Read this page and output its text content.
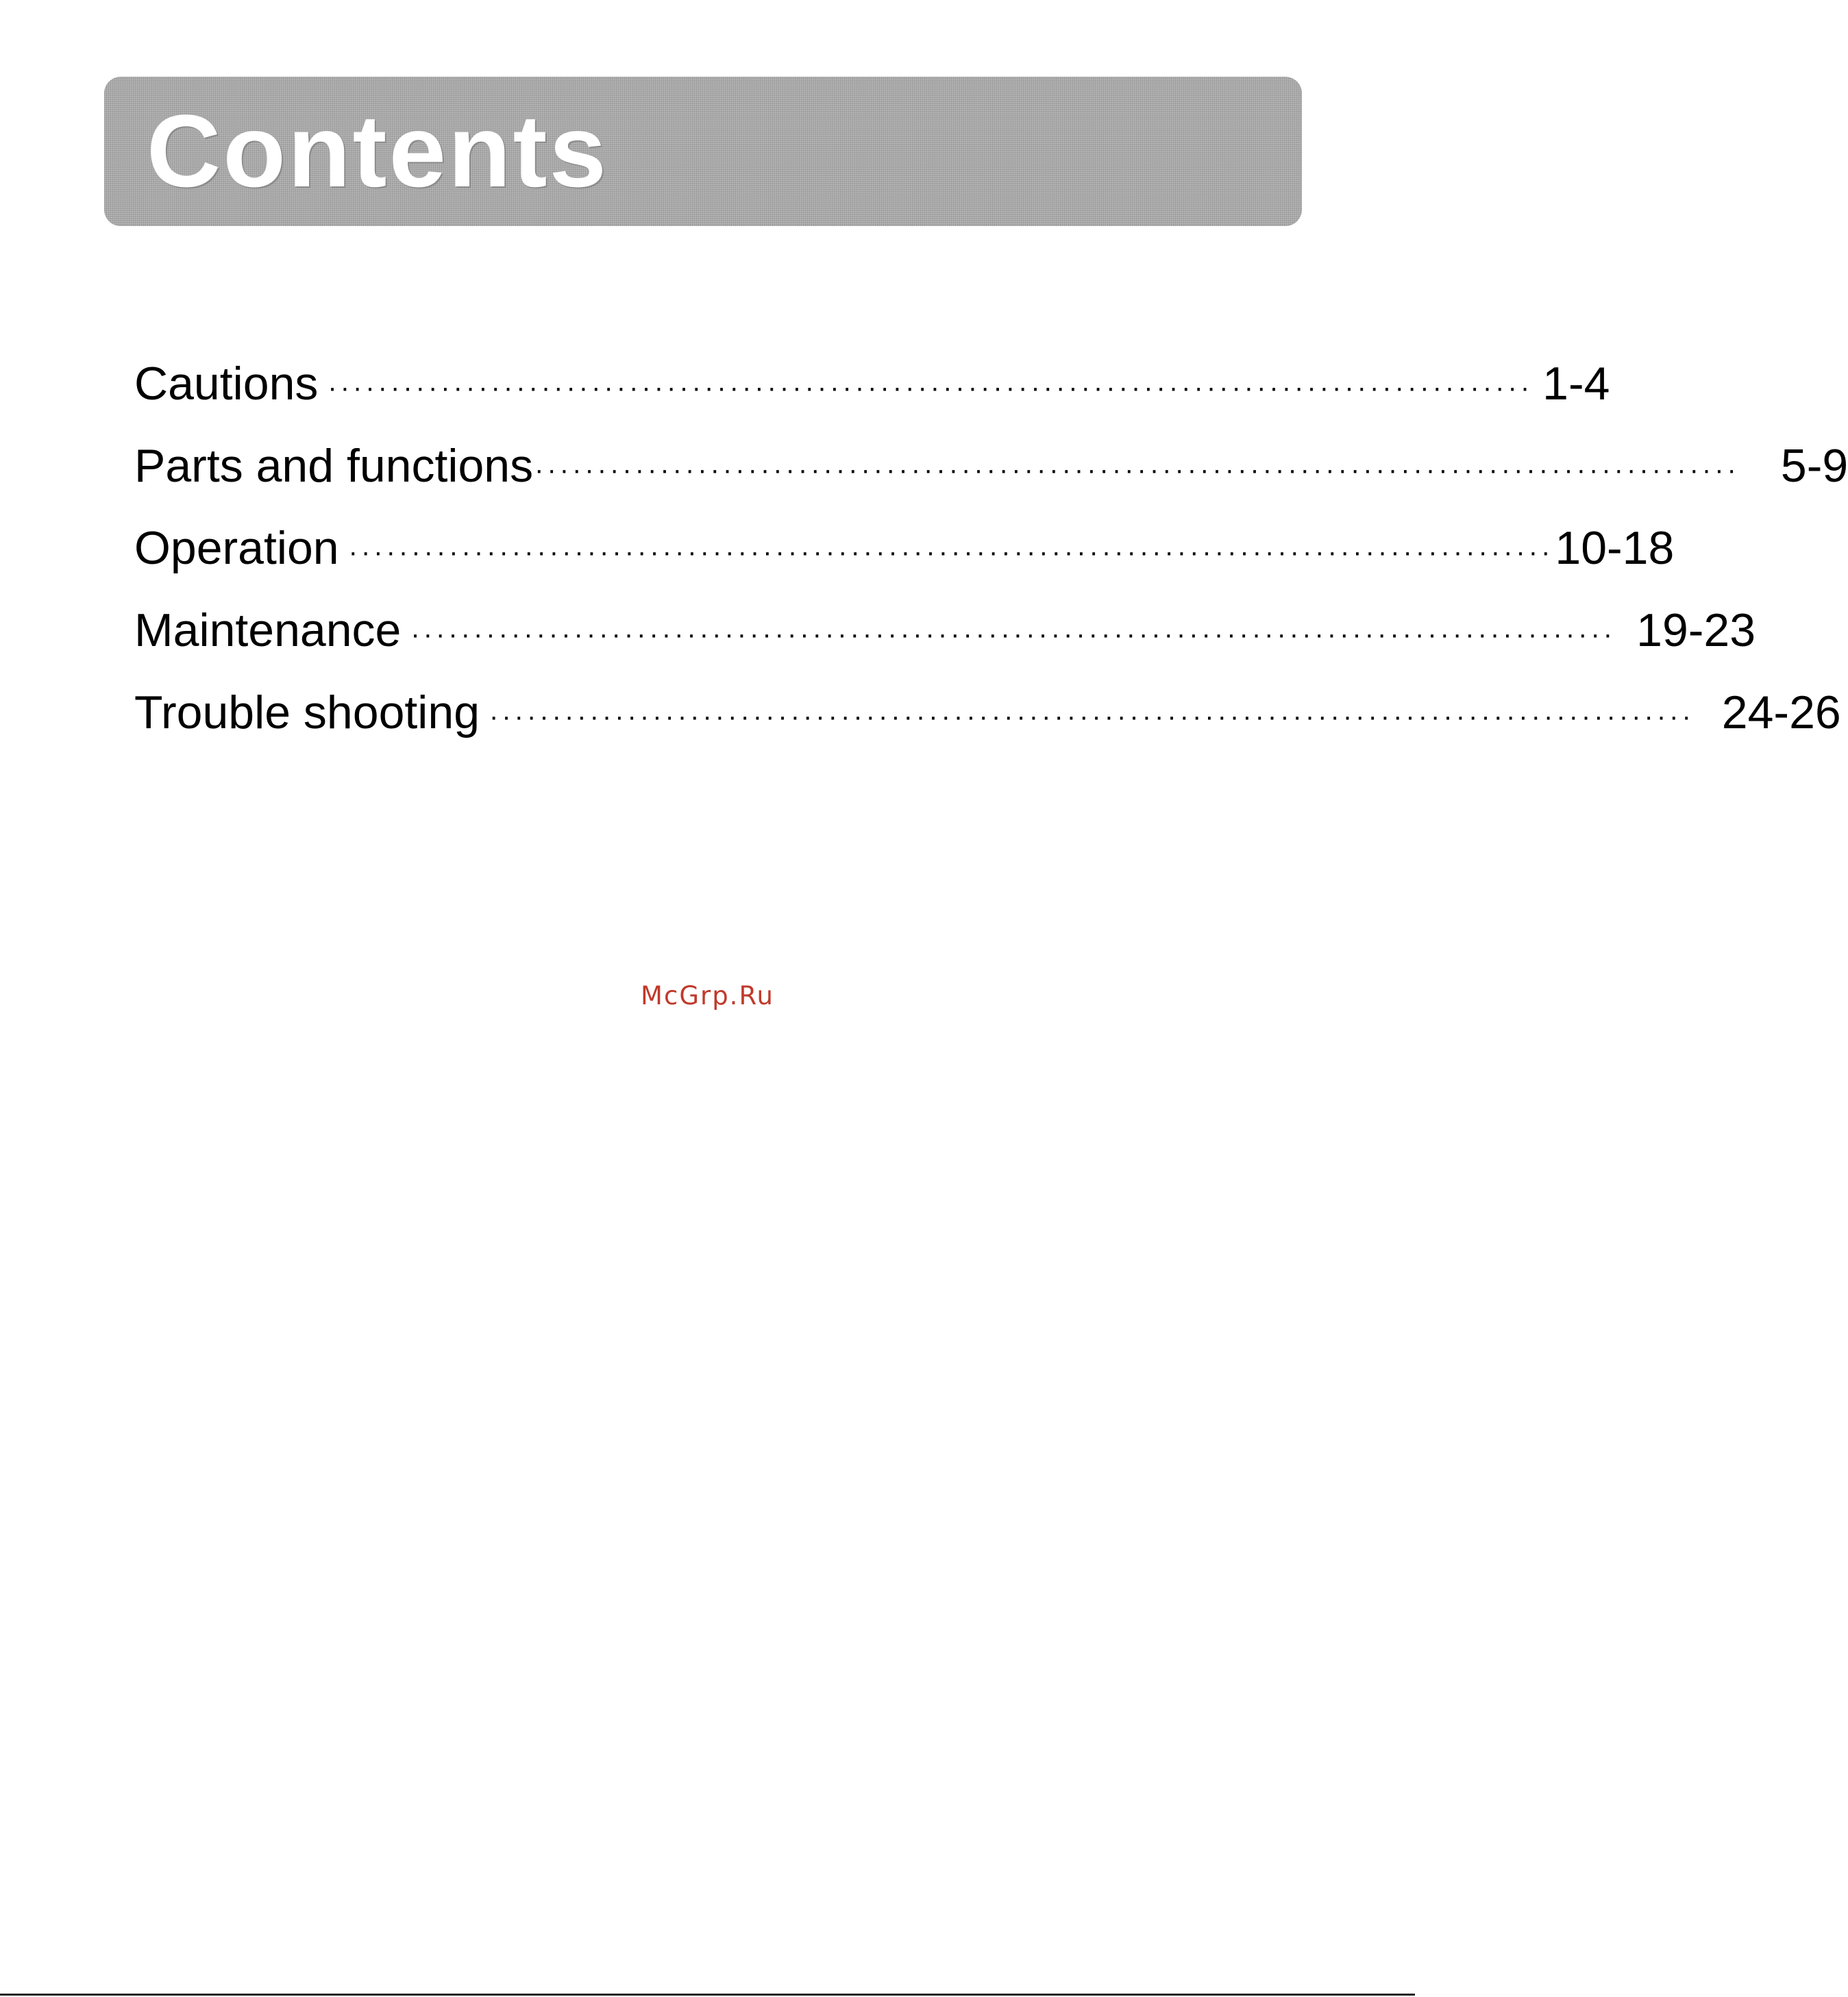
Contents
Cautions ································································································ 1-4
Parts and functions ································································································ 5-9
Operation ································································································ 10-18
Maintenance ································································································ 19-23
Trouble shooting ································································································ 24-26
McGrp.Ru
